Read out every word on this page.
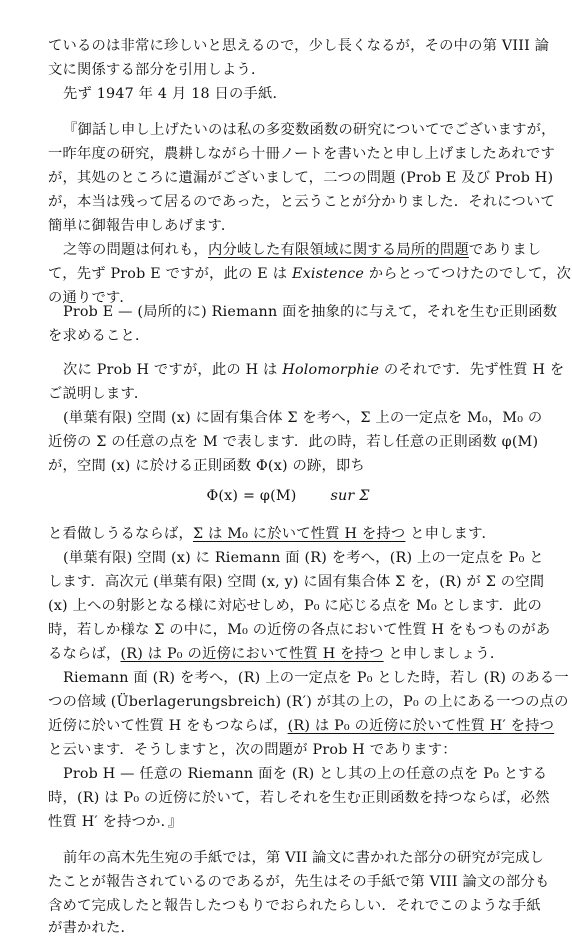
ているのは非常に珍しいと思えるので，少し長くなるが，その中の第 VIII 論
文に関係する部分を引用しよう．
先ず 1947 年 4 月 18 日の手紙．
『御話し申し上げたいのは私の多変数函数の研究についてでございますが，
一昨年度の研究，農耕しながら十冊ノートを書いたと申し上げましたあれです
が，其処のところに遺漏がございまして，二つの問題 (Prob E 及び Prob H)
が，本当は残って居るのであった，と云うことが分かりました．それについて
簡単に御報告申しあげます．
之等の問題は何れも，内分岐した有限領域に関する局所的問題でありまし
て，先ず Prob E ですが，此の E は Existence からとってつけたのでして，次
の通りです．
Prob E — (局所的に) Riemann 面を抽象的に与えて，それを生む正則函数
を求めること．
次に Prob H ですが，此の H は Holomorphie のそれです．先ず性質 H を
ご説明します．
(単葉有限) 空間 (x) に固有集合体 Σ を考へ，Σ 上の一定点を M₀，M₀ の
近傍の Σ の任意の点を M で表します．此の時，若し任意の正則函数 φ(M)
が，空間 (x) に於ける正則函数 Φ(x) の跡，即ち
Φ(x) = φ(M) sur Σ
と看做しうるならば，Σ は M₀ に於いて性質 H を持つ と申します．
(単葉有限) 空間 (x) に Riemann 面 (R) を考へ，(R) 上の一定点を P₀ と
します．高次元 (単葉有限) 空間 (x, y) に固有集合体 Σ を，(R) が Σ の空間
(x) 上への射影となる様に対応せしめ，P₀ に応じる点を M₀ とします．此の
時，若しか様な Σ の中に，M₀ の近傍の各点において性質 H をもつものがあ
るならば，(R) は P₀ の近傍において性質 H を持つ と申しましょう．
Riemann 面 (R) を考へ，(R) 上の一定点を P₀ とした時，若し (R) のある一
つの倍域 (Überlagerungsbreich) (R′) が其の上の，P₀ の上にある一つの点の
近傍に於いて性質 H をもつならば，(R) は P₀ の近傍に於いて性質 H′ を持つ
と云います．そうしますと，次の問題が Prob H であります：
Prob H — 任意の Riemann 面を (R) とし其の上の任意の点を P₀ とする
時，(R) は P₀ の近傍に於いて，若しそれを生む正則函数を持つならば，必然
性質 H′ を持つか．』
前年の高木先生宛の手紙では，第 VII 論文に書かれた部分の研究が完成し
たことが報告されているのであるが，先生はその手紙で第 VIII 論文の部分も
含めて完成したと報告したつもりでおられたらしい．それでこのような手紙
が書かれた．
